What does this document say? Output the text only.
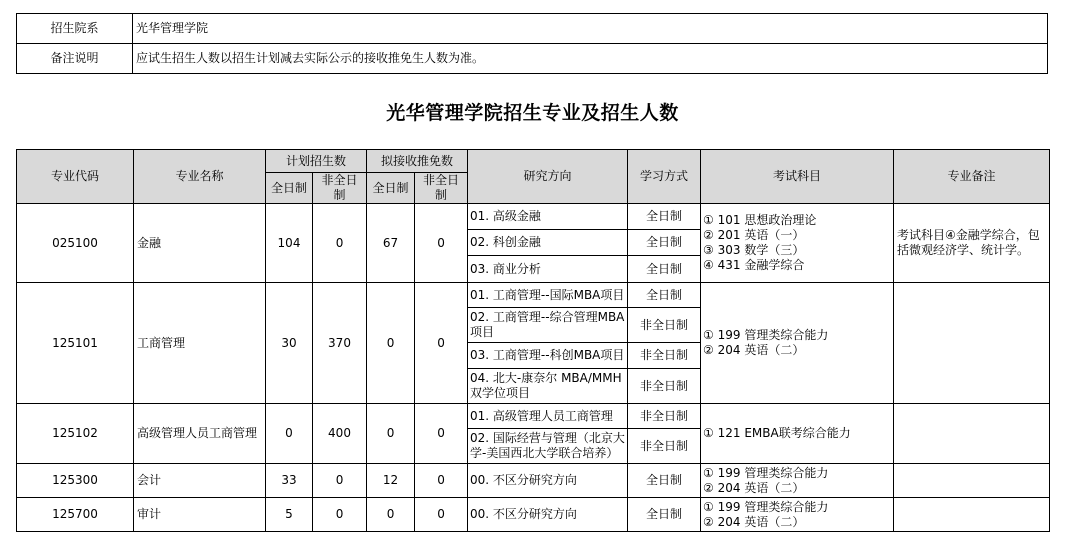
招生院系	光华管理学院
备注说明	应试生招生人数以招生计划减去实际公示的接收推免生人数为准。
光华管理学院招生专业及招生人数
专业代码	专业名称	计划招生数		拟接收推免数		研究方向	学习方式	考试科目	专业备注
		全日制	非全日制	全日制	非全日制				
025100	金融	104	0	67	0	01. 高级金融	全日制	① 101 思想政治理论
② 201 英语（一）
③ 303 数学（三）
④ 431 金融学综合	考试科目④金融学综合，包括微观经济学、统计学。
						02. 科创金融	全日制		
						03. 商业分析	全日制		
125101	工商管理	30	370	0	0	01. 工商管理--国际MBA项目	全日制	① 199 管理类综合能力
② 204 英语（二）	

						02. 工商管理--综合管理MBA项目	非全日制		
						03. 工商管理--科创MBA项目	非全日制		
						04. 北大-康奈尔 MBA/MMH双学位项目	非全日制		
125102	高级管理人员工商管理	0	400	0	0	01. 高级管理人员工商管理	非全日制	① 121 EMBA联考综合能力	

						02. 国际经营与管理（北京大学-美国西北大学联合培养）	非全日制		
125300	会计	33	0	12	0	00. 不区分研究方向	全日制	① 199 管理类综合能力
② 204 英语（二）	

125700	审计	5	0	0	0	00. 不区分研究方向	全日制	① 199 管理类综合能力
② 204 英语（二）	
